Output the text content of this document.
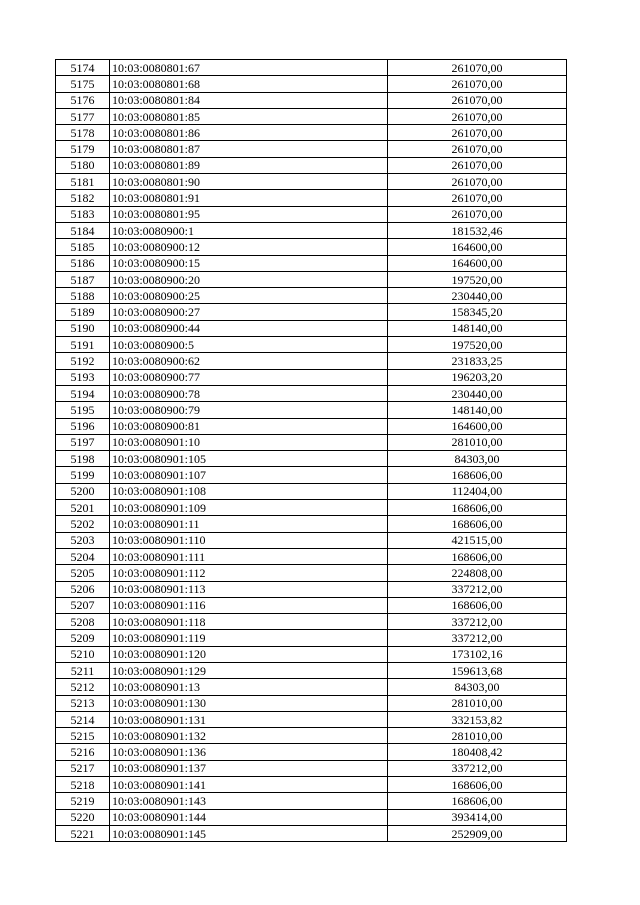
5174	10:03:0080801:67	261070,00
5175	10:03:0080801:68	261070,00
5176	10:03:0080801:84	261070,00
5177	10:03:0080801:85	261070,00
5178	10:03:0080801:86	261070,00
5179	10:03:0080801:87	261070,00
5180	10:03:0080801:89	261070,00
5181	10:03:0080801:90	261070,00
5182	10:03:0080801:91	261070,00
5183	10:03:0080801:95	261070,00
5184	10:03:0080900:1	181532,46
5185	10:03:0080900:12	164600,00
5186	10:03:0080900:15	164600,00
5187	10:03:0080900:20	197520,00
5188	10:03:0080900:25	230440,00
5189	10:03:0080900:27	158345,20
5190	10:03:0080900:44	148140,00
5191	10:03:0080900:5	197520,00
5192	10:03:0080900:62	231833,25
5193	10:03:0080900:77	196203,20
5194	10:03:0080900:78	230440,00
5195	10:03:0080900:79	148140,00
5196	10:03:0080900:81	164600,00
5197	10:03:0080901:10	281010,00
5198	10:03:0080901:105	84303,00
5199	10:03:0080901:107	168606,00
5200	10:03:0080901:108	112404,00
5201	10:03:0080901:109	168606,00
5202	10:03:0080901:11	168606,00
5203	10:03:0080901:110	421515,00
5204	10:03:0080901:111	168606,00
5205	10:03:0080901:112	224808,00
5206	10:03:0080901:113	337212,00
5207	10:03:0080901:116	168606,00
5208	10:03:0080901:118	337212,00
5209	10:03:0080901:119	337212,00
5210	10:03:0080901:120	173102,16
5211	10:03:0080901:129	159613,68
5212	10:03:0080901:13	84303,00
5213	10:03:0080901:130	281010,00
5214	10:03:0080901:131	332153,82
5215	10:03:0080901:132	281010,00
5216	10:03:0080901:136	180408,42
5217	10:03:0080901:137	337212,00
5218	10:03:0080901:141	168606,00
5219	10:03:0080901:143	168606,00
5220	10:03:0080901:144	393414,00
5221	10:03:0080901:145	252909,00
